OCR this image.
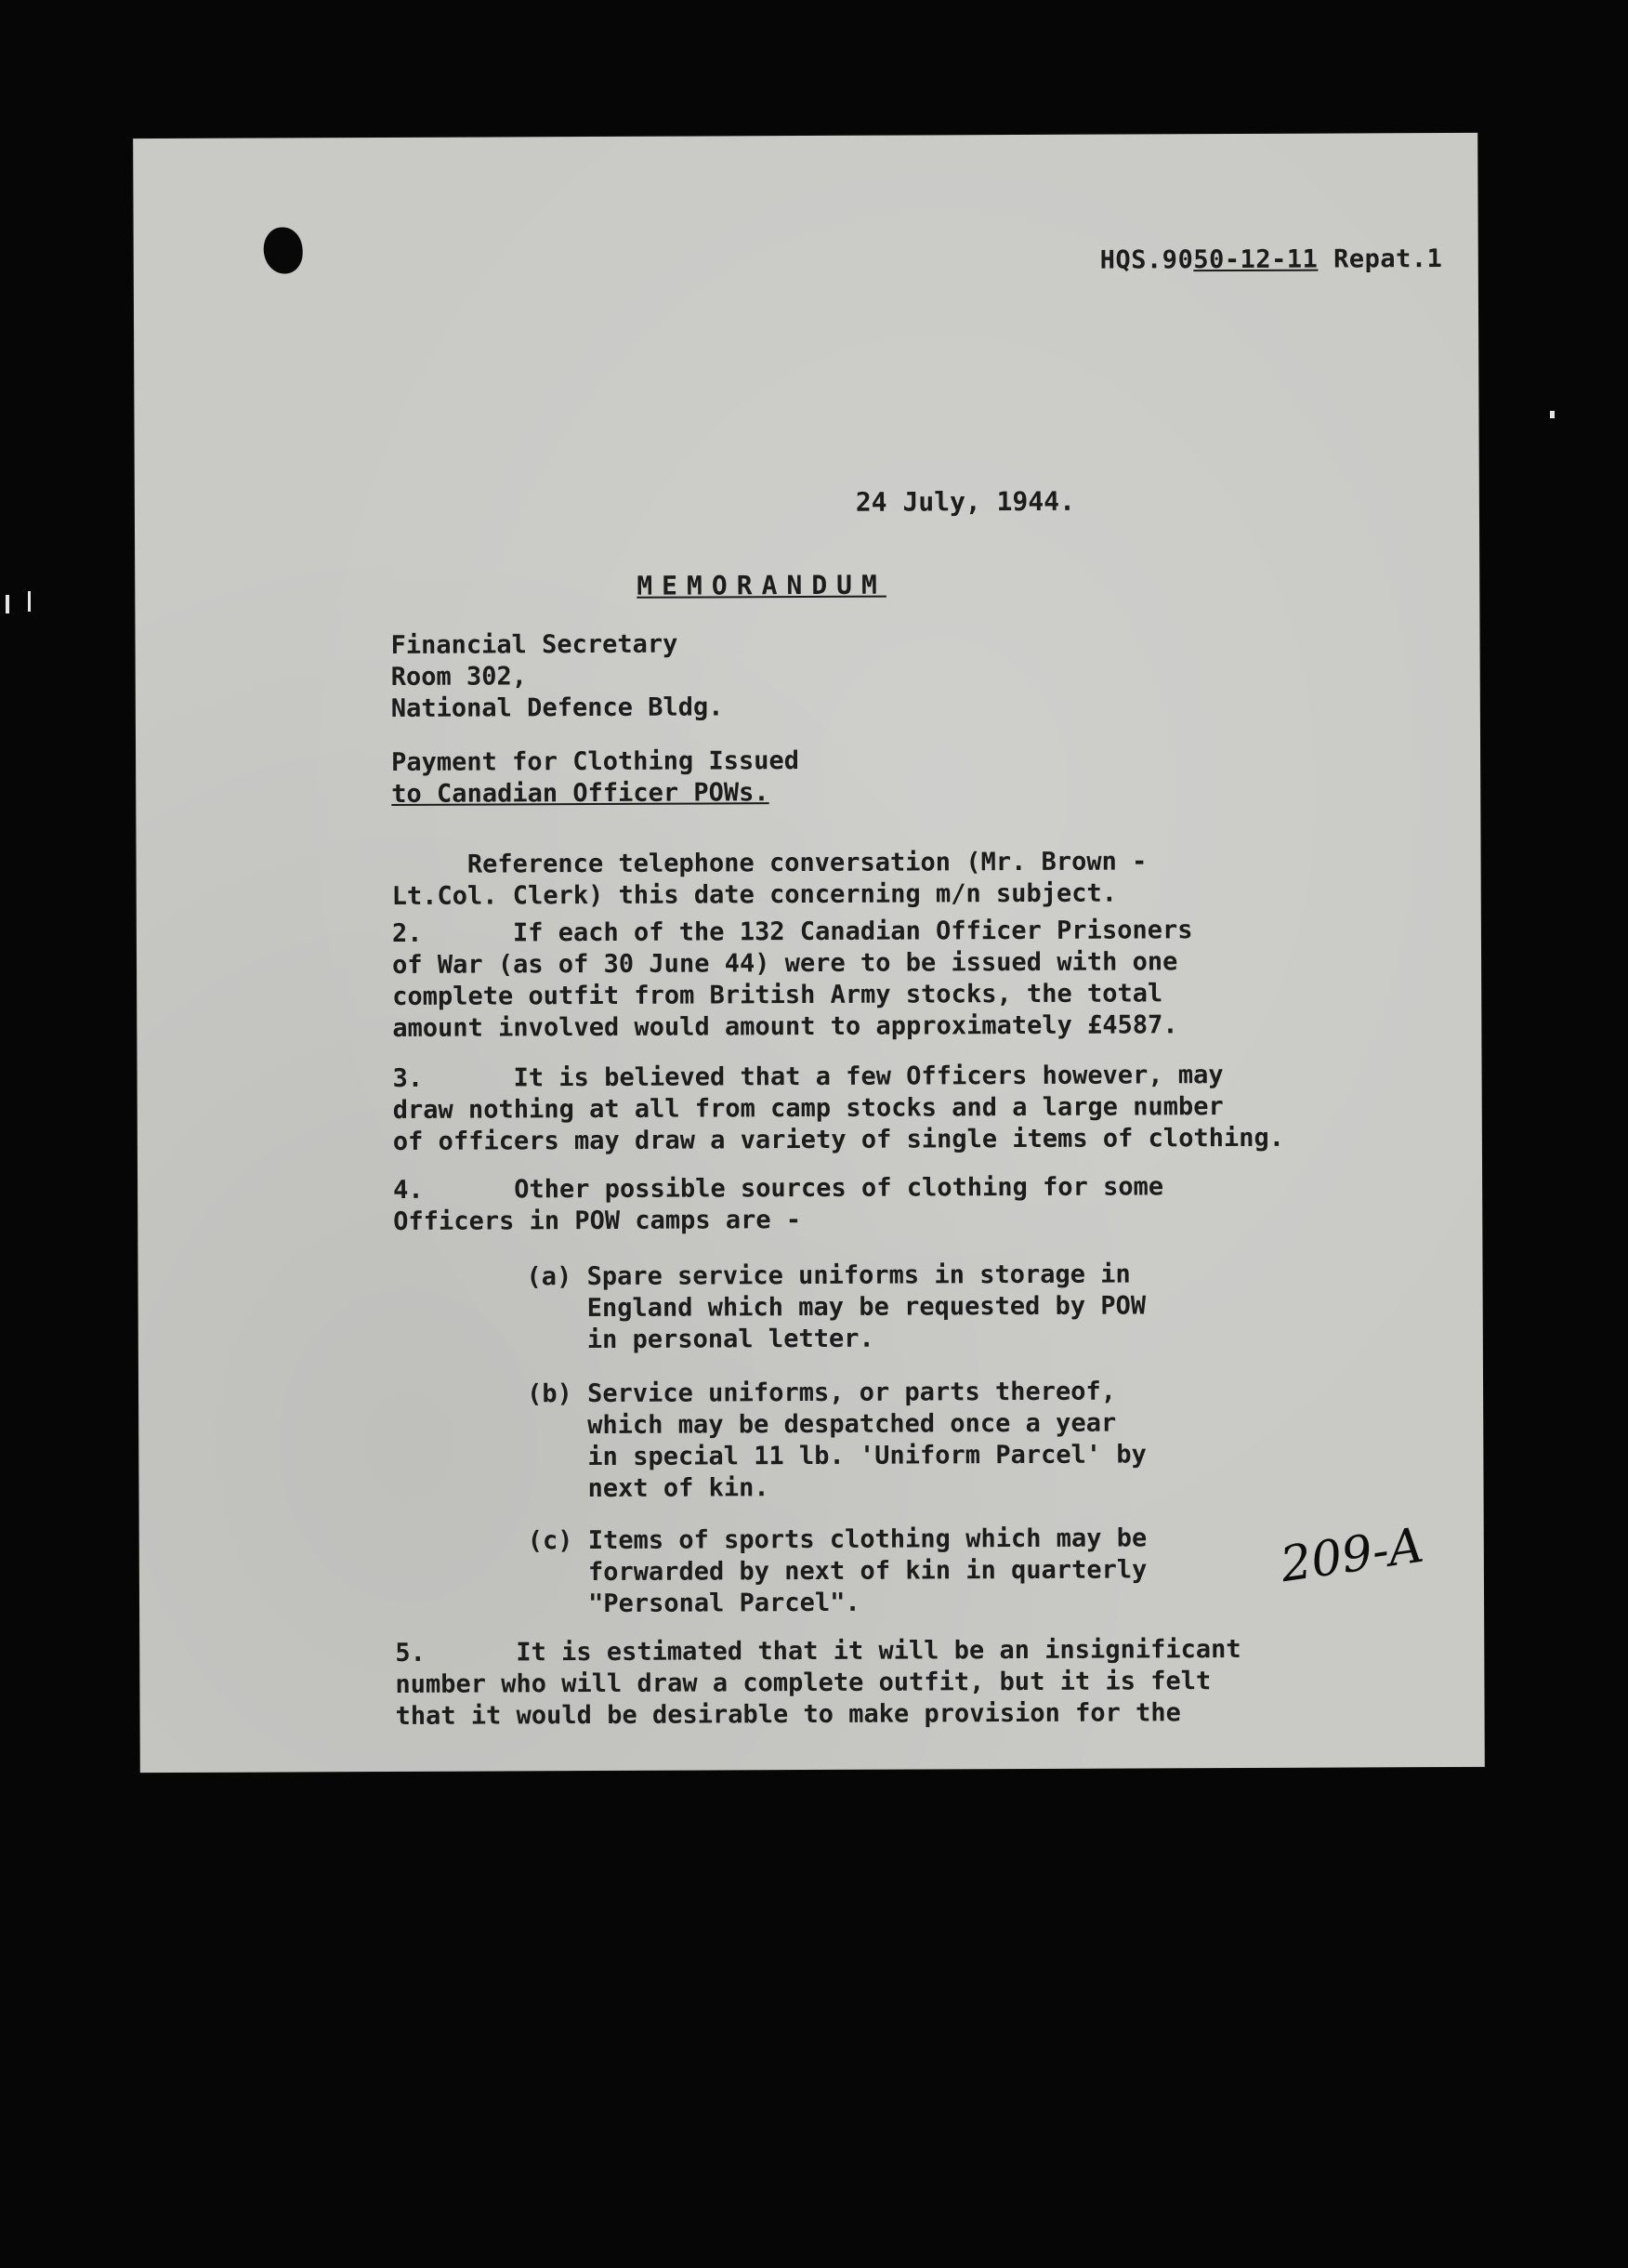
HQS.9050-12-11 Repat.1
24 July, 1944.
MEMORANDUM
Financial Secretary
Room 302,
National Defence Bldg.
Payment for Clothing Issued
to Canadian Officer POWs.
Reference telephone conversation (Mr. Brown -
Lt.Col. Clerk) this date concerning m/n subject.
2.      If each of the 132 Canadian Officer Prisoners
of War (as of 30 June 44) were to be issued with one
complete outfit from British Army stocks, the total
amount involved would amount to approximately £4587.
3.      It is believed that a few Officers however, may
draw nothing at all from camp stocks and a large number
of officers may draw a variety of single items of clothing.
4.      Other possible sources of clothing for some
Officers in POW camps are -
(a) Spare service uniforms in storage in
England which may be requested by POW
in personal letter.
(b) Service uniforms, or parts thereof,
which may be despatched once a year
in special 11 lb. 'Uniform Parcel' by
next of kin.
(c) Items of sports clothing which may be
forwarded by next of kin in quarterly
"Personal Parcel".
209-A
5.      It is estimated that it will be an insignificant
number who will draw a complete outfit, but it is felt
that it would be desirable to make provision for the
